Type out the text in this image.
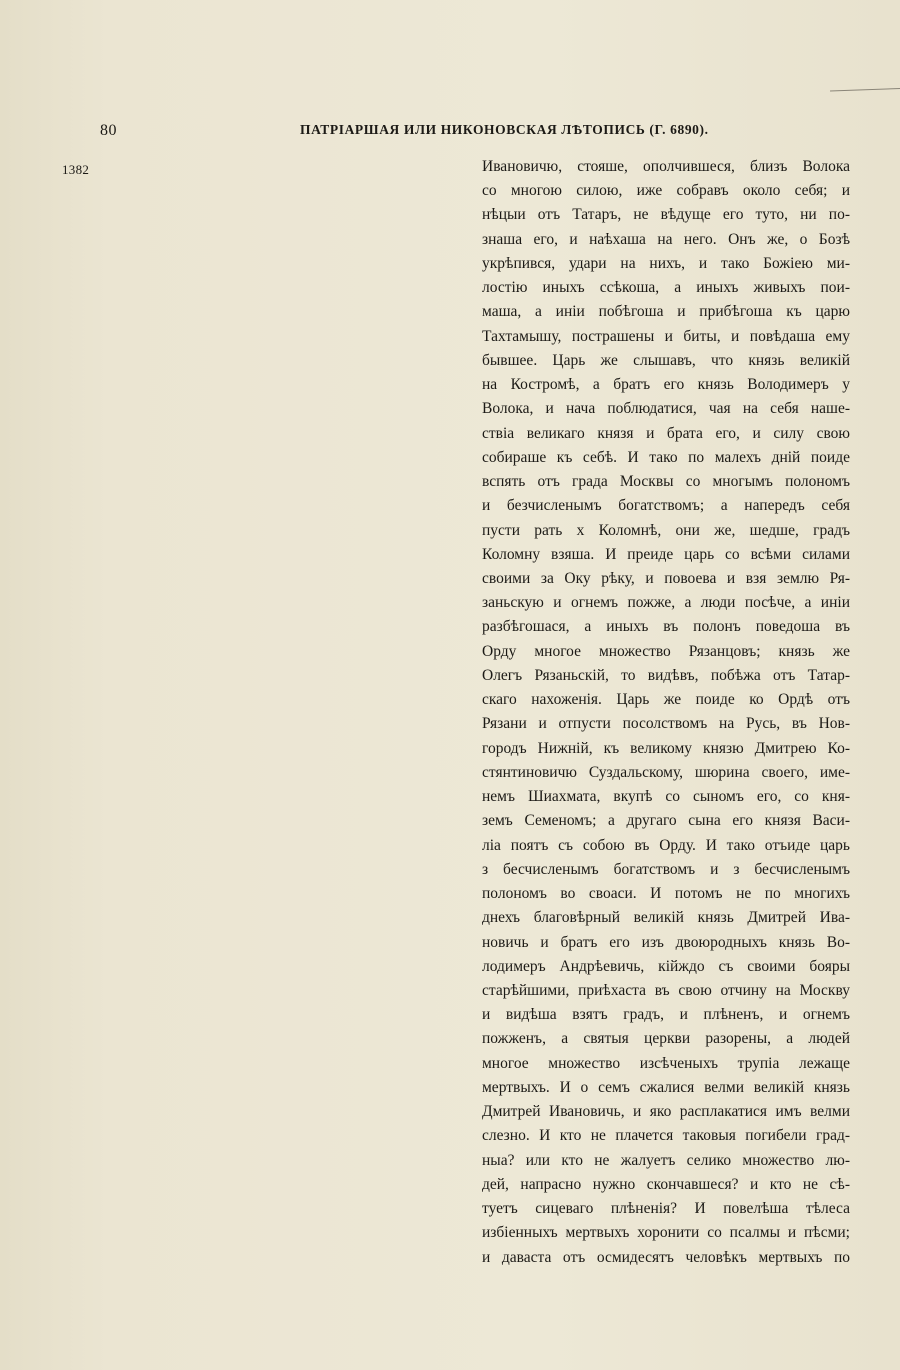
80	ПАТРІАРШАЯ ИЛИ НИКОНОВСКАЯ ЛѢТОПИСЬ (Г. 6890).
1382	Ивановичю, стояше, ополчившеся, близъ Волока
со многою силою, иже собравъ около себя; и
нѣцыи отъ Татаръ, не вѣдуще его туто, ни по-
знаша его, и наѣхаша на него. Онъ же, о Бозѣ
укрѣпився, удари на нихъ, и тако Божіею ми-
лостію иныхъ ссѣкоша, а иныхъ живыхъ пои-
маша, а иніи побѣгоша и прибѣгоша къ царю
Тахтамышу, пострашены и биты, и повѣдаша ему
бывшее. Царь же слышавъ, что князь великій
на Костромѣ, а братъ его князь Володимеръ у
Волока, и нача поблюдатися, чая на себя нашe-
ствіа великаго князя и брата его, и силу свою
собираше къ себѣ. И тако по малехъ дній поиде
вспять отъ града Москвы со многымъ полономъ
и безчисленымъ богатствомъ; а напередъ себя
пусти рать х Коломнѣ, они же, шедше, градъ
Коломну взяша. И преиде царь со всѣми силами
своими за Оку рѣку, и повоева и взя землю Ря-
заньскую и огнемъ пожже, а люди посѣче, а иніи
разбѣгошася, а иныхъ въ полонъ поведоша въ
Орду многое множество Рязанцовъ; князь же
Олегъ Рязаньскій, то видѣвъ, побѣжа отъ Татар-
скаго нахоженія. Царь же поиде ко Ордѣ отъ
Рязани и отпусти посолствомъ на Русь, въ Нов-
городъ Нижній, къ великому князю Дмитрею Ко-
стянтиновичю Суздальскому, шюрина своего, име-
немъ Шиахмата, вкупѣ со сыномъ его, со кня-
земъ Семеномъ; а другаго сына его князя Васи-
ліа поятъ съ собою въ Орду. И тако отъиде царь
з бесчисленымъ богатствомъ и з бесчисленымъ
полономъ во своаси. И потомъ не по многихъ
днехъ благовѣрный великій князь Дмитрей Ива-
новичь и братъ его изъ двоюродныхъ князь Во-
лодимеръ Андрѣевичь, кійждо съ своими бояры
старѣйшими, приѣхаста въ свою отчину на Москву
и видѣша взятъ градъ, и плѣненъ, и огнемъ
пожженъ, а святыя церкви разорены, а людей
многое множество изсѣченыхъ трупіа лежаще
мертвыхъ. И о семъ сжалися велми великій князь
Дмитрей Ивановичь, и яко расплакатися имъ велми
слезно. И кто не плачется таковыя погибели град-
ныа? или кто не жалуетъ селико множество лю-
дей, напрасно нужно скончавшеся? и кто не сѣ-
туетъ сицеваго плѣненія? И повелѣша тѣлеса
избіенныхъ мертвыхъ хоронити со псалмы и пѣсми;
и даваста отъ осмидесятъ человѣкъ мертвыхъ по
